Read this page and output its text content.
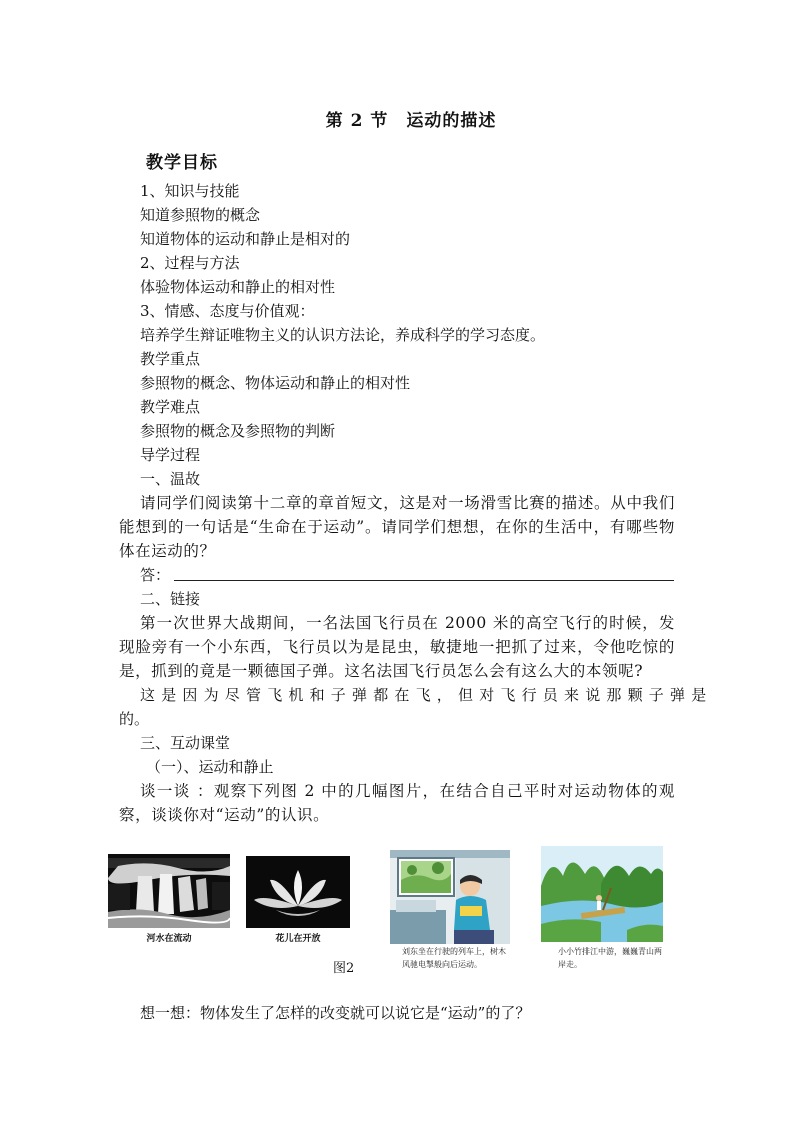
第 2 节　运动的描述
教学目标
1、知识与技能
知道参照物的概念
知道物体的运动和静止是相对的
2、过程与方法
体验物体运动和静止的相对性
3、情感、态度与价值观：
培养学生辩证唯物主义的认识方法论，养成科学的学习态度。
教学重点
参照物的概念、物体运动和静止的相对性
教学难点
参照物的概念及参照物的判断
导学过程
一、温故
请同学们阅读第十二章的章首短文，这是对一场滑雪比赛的描述。从中我们能想到的一句话是“生命在于运动”。请同学们想想，在你的生活中，有哪些物体在运动的？
答：
二、链接
第一次世界大战期间，一名法国飞行员在 2000 米的高空飞行的时候，发现脸旁有一个小东西，飞行员以为是昆虫，敏捷地一把抓了过来，令他吃惊的是，抓到的竟是一颗德国子弹。这名法国飞行员怎么会有这么大的本领呢?
这是因为尽管飞机和子弹都在飞，但对飞行员来说那颗子弹是
的。
三、互动课堂
（一）、运动和静止
谈一谈 ：观察下列图 2 中的几幅图片，在结合自己平时对运动物体的观察，谈谈你对“运动”的认识。
河水在流动	花儿在开放
刘东坐在行驶的列车上，树木风驰电掣般向后运动。
小小竹排江中游，巍巍青山两岸走。
图2
想一想：物体发生了怎样的改变就可以说它是“运动”的了？
